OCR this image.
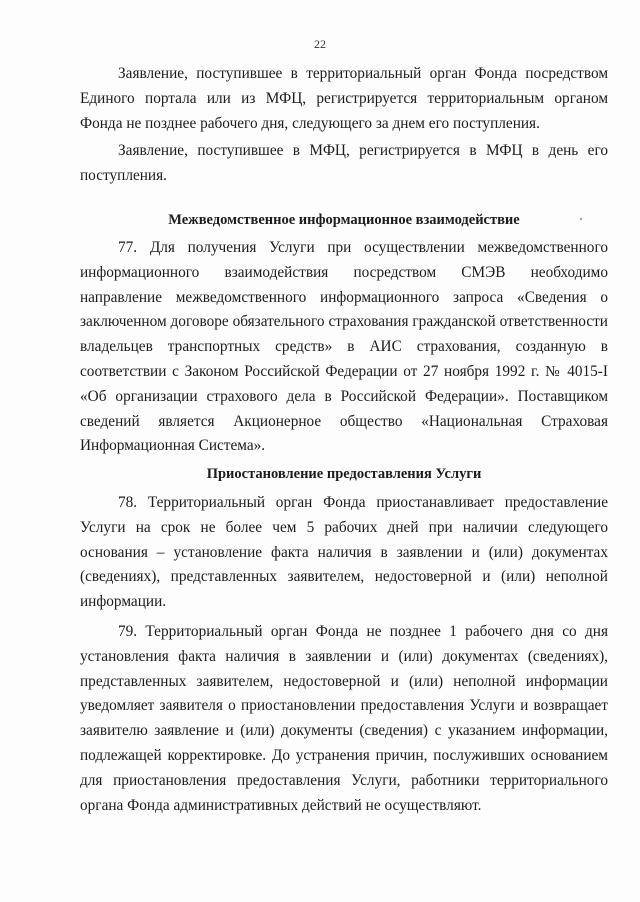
22

Заявление, поступившее в территориальный орган Фонда посредством Единого портала или из МФЦ, регистрируется территориальным органом Фонда не позднее рабочего дня, следующего за днем его поступления.

Заявление, поступившее в МФЦ, регистрируется в МФЦ в день его поступления.

Межведомственное информационное взаимодействие

77. Для получения Услуги при осуществлении межведомственного информационного взаимодействия посредством СМЭВ необходимо направление межведомственного информационного запроса «Сведения о заключенном договоре обязательного страхования гражданской ответственности владельцев транспортных средств» в АИС страхования, созданную в соответствии с Законом Российской Федерации от 27 ноября 1992 г. № 4015-I «Об организации страхового дела в Российской Федерации». Поставщиком сведений является Акционерное общество «Национальная Страховая Информационная Система».

Приостановление предоставления Услуги

78. Территориальный орган Фонда приостанавливает предоставление Услуги на срок не более чем 5 рабочих дней при наличии следующего основания – установление факта наличия в заявлении и (или) документах (сведениях), представленных заявителем, недостоверной и (или) неполной информации.

79. Территориальный орган Фонда не позднее 1 рабочего дня со дня установления факта наличия в заявлении и (или) документах (сведениях), представленных заявителем, недостоверной и (или) неполной информации уведомляет заявителя о приостановлении предоставления Услуги и возвращает заявителю заявление и (или) документы (сведения) с указанием информации, подлежащей корректировке. До устранения причин, послуживших основанием для приостановления предоставления Услуги, работники территориального органа Фонда административных действий не осуществляют.
